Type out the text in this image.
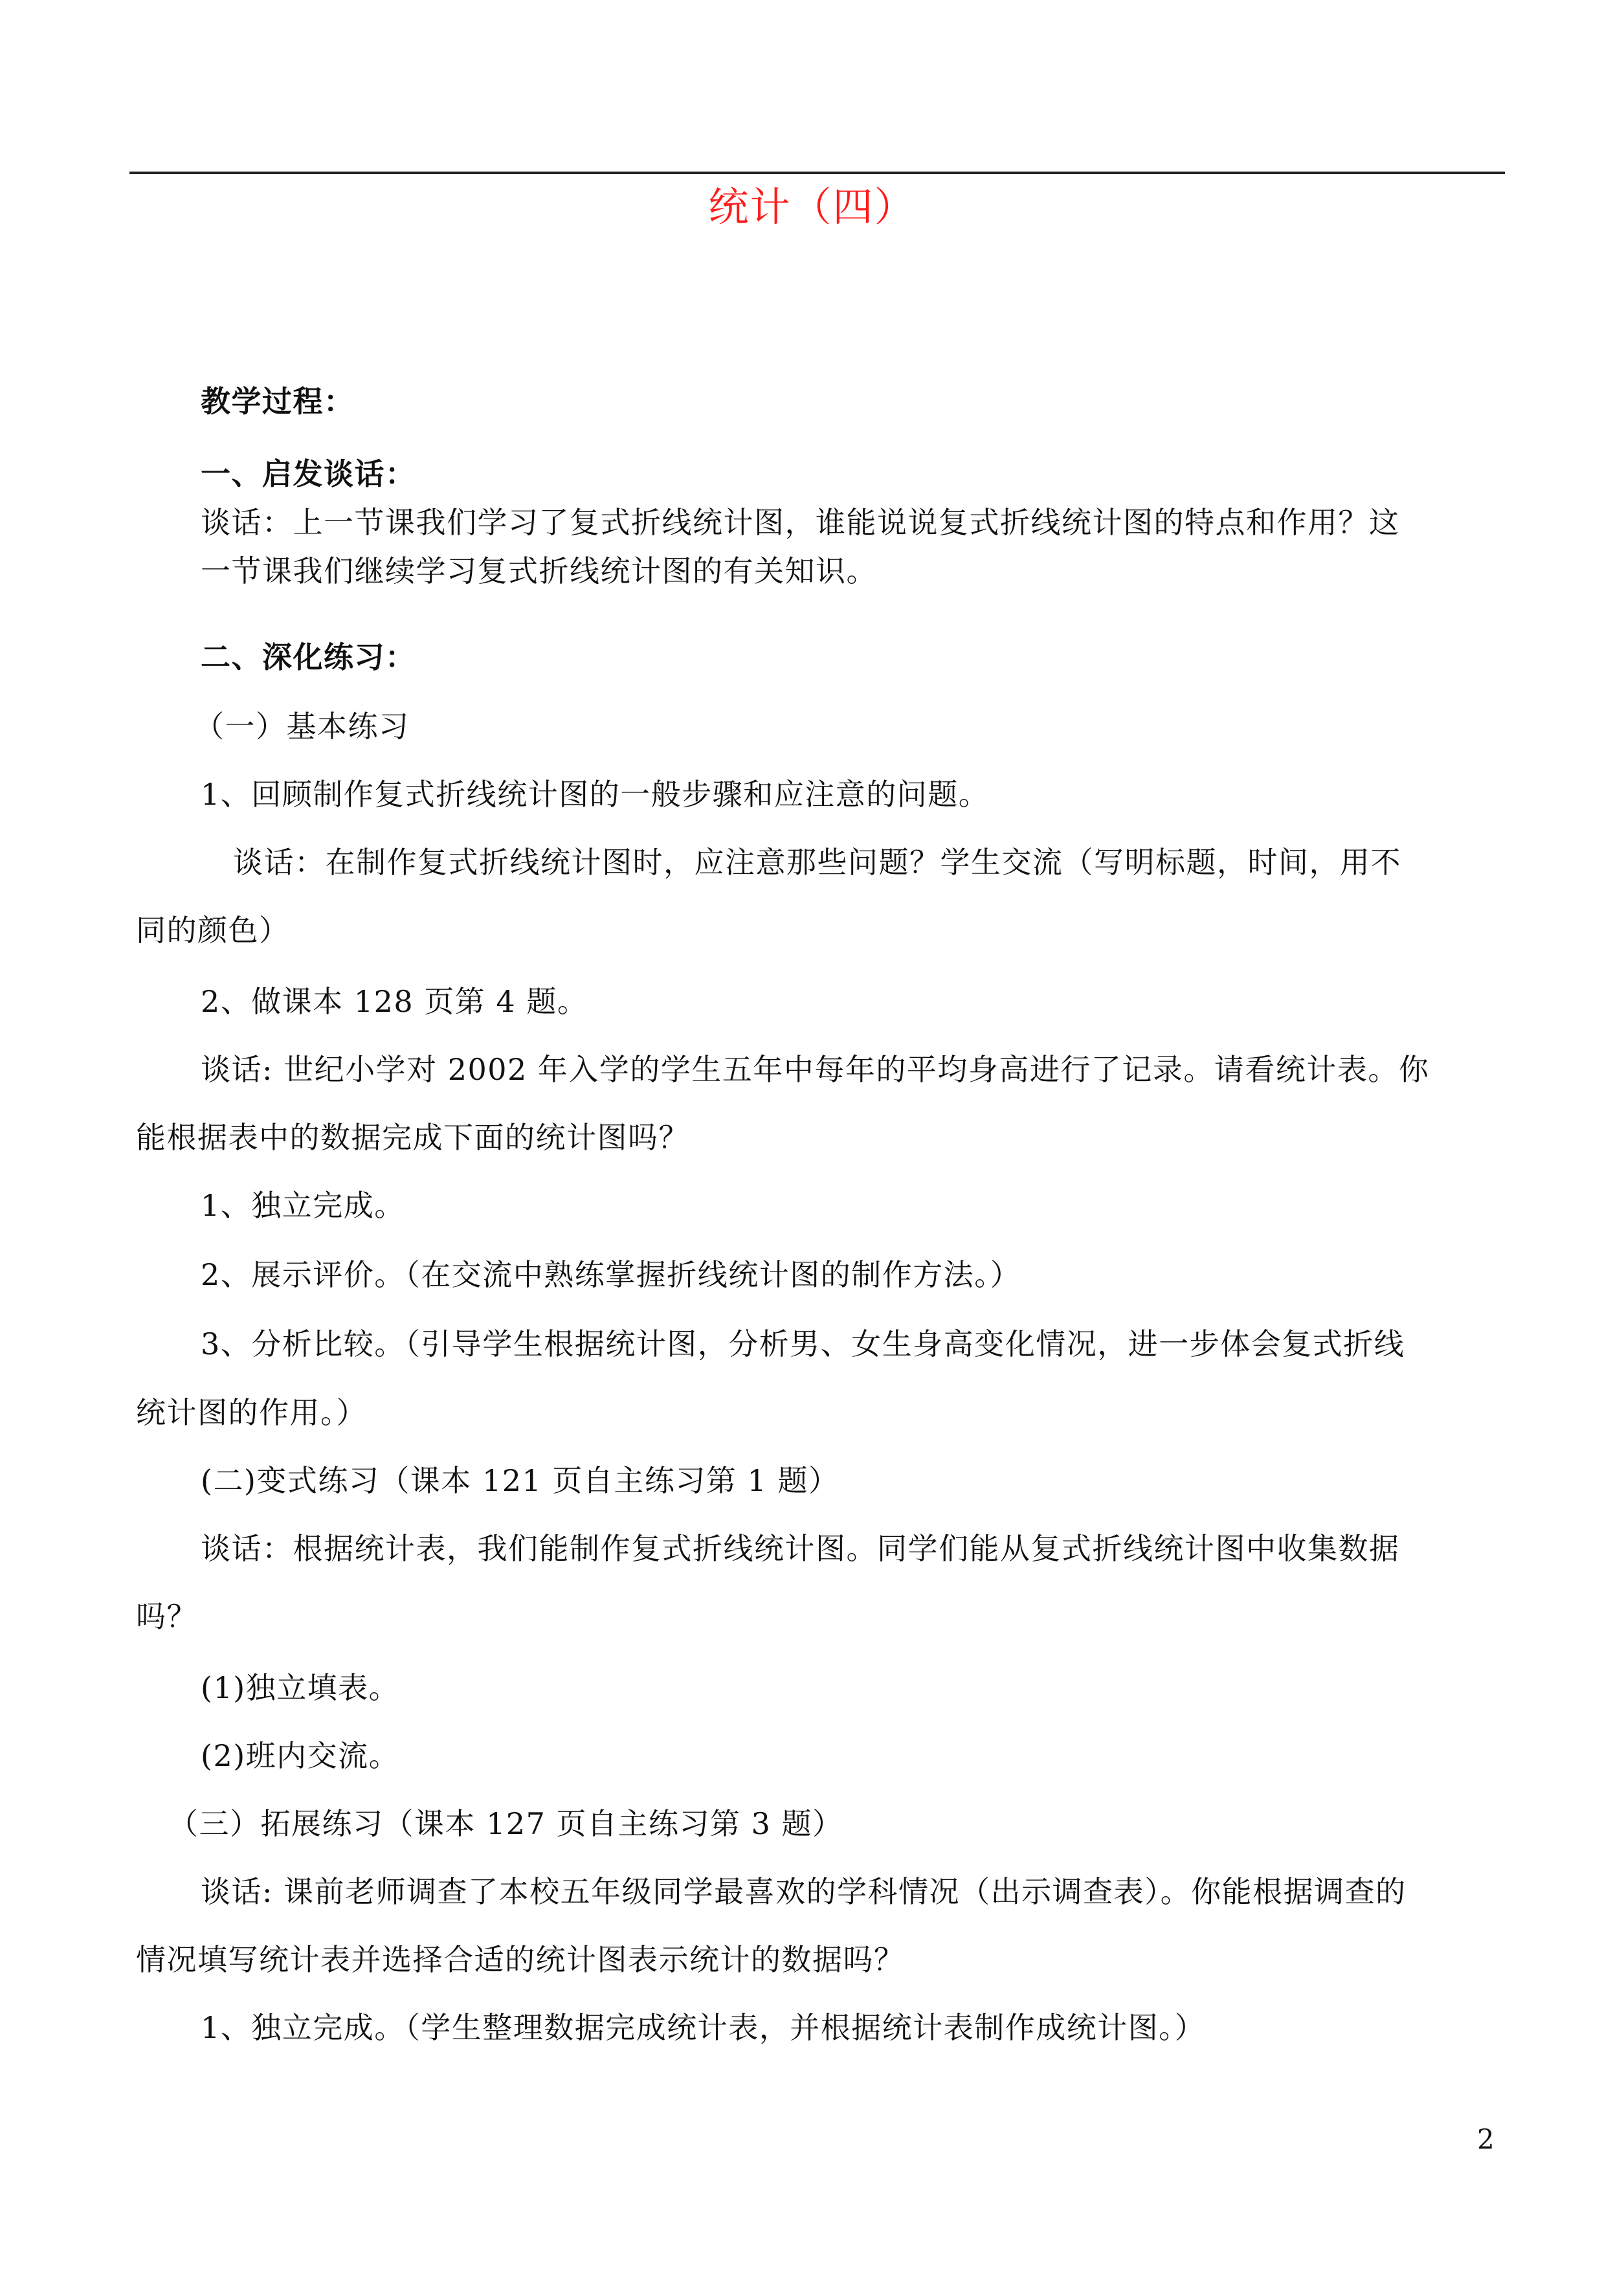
统计（四）
教学过程：
一、启发谈话：
谈话：上一节课我们学习了复式折线统计图，谁能说说复式折线统计图的特点和作用？这
一节课我们继续学习复式折线统计图的有关知识。
二、深化练习：
（一）基本练习
1、回顾制作复式折线统计图的一般步骤和应注意的问题。
谈话：在制作复式折线统计图时，应注意那些问题？学生交流（写明标题，时间，用不
同的颜色）
2、做课本 128 页第 4 题。
谈话: 世纪小学对 2002 年入学的学生五年中每年的平均身高进行了记录。请看统计表。你
能根据表中的数据完成下面的统计图吗？
1、独立完成。
2、展示评价。（在交流中熟练掌握折线统计图的制作方法。）
3、分析比较。（引导学生根据统计图，分析男、女生身高变化情况，进一步体会复式折线
统计图的作用。）
(二)变式练习（课本 121 页自主练习第 1 题）
谈话：根据统计表，我们能制作复式折线统计图。同学们能从复式折线统计图中收集数据
吗？
(1)独立填表。
(2)班内交流。
（三）拓展练习（课本 127 页自主练习第 3 题）
谈话: 课前老师调查了本校五年级同学最喜欢的学科情况（出示调查表）。你能根据调查的
情况填写统计表并选择合适的统计图表示统计的数据吗？
1、独立完成。（学生整理数据完成统计表，并根据统计表制作成统计图。）
2
